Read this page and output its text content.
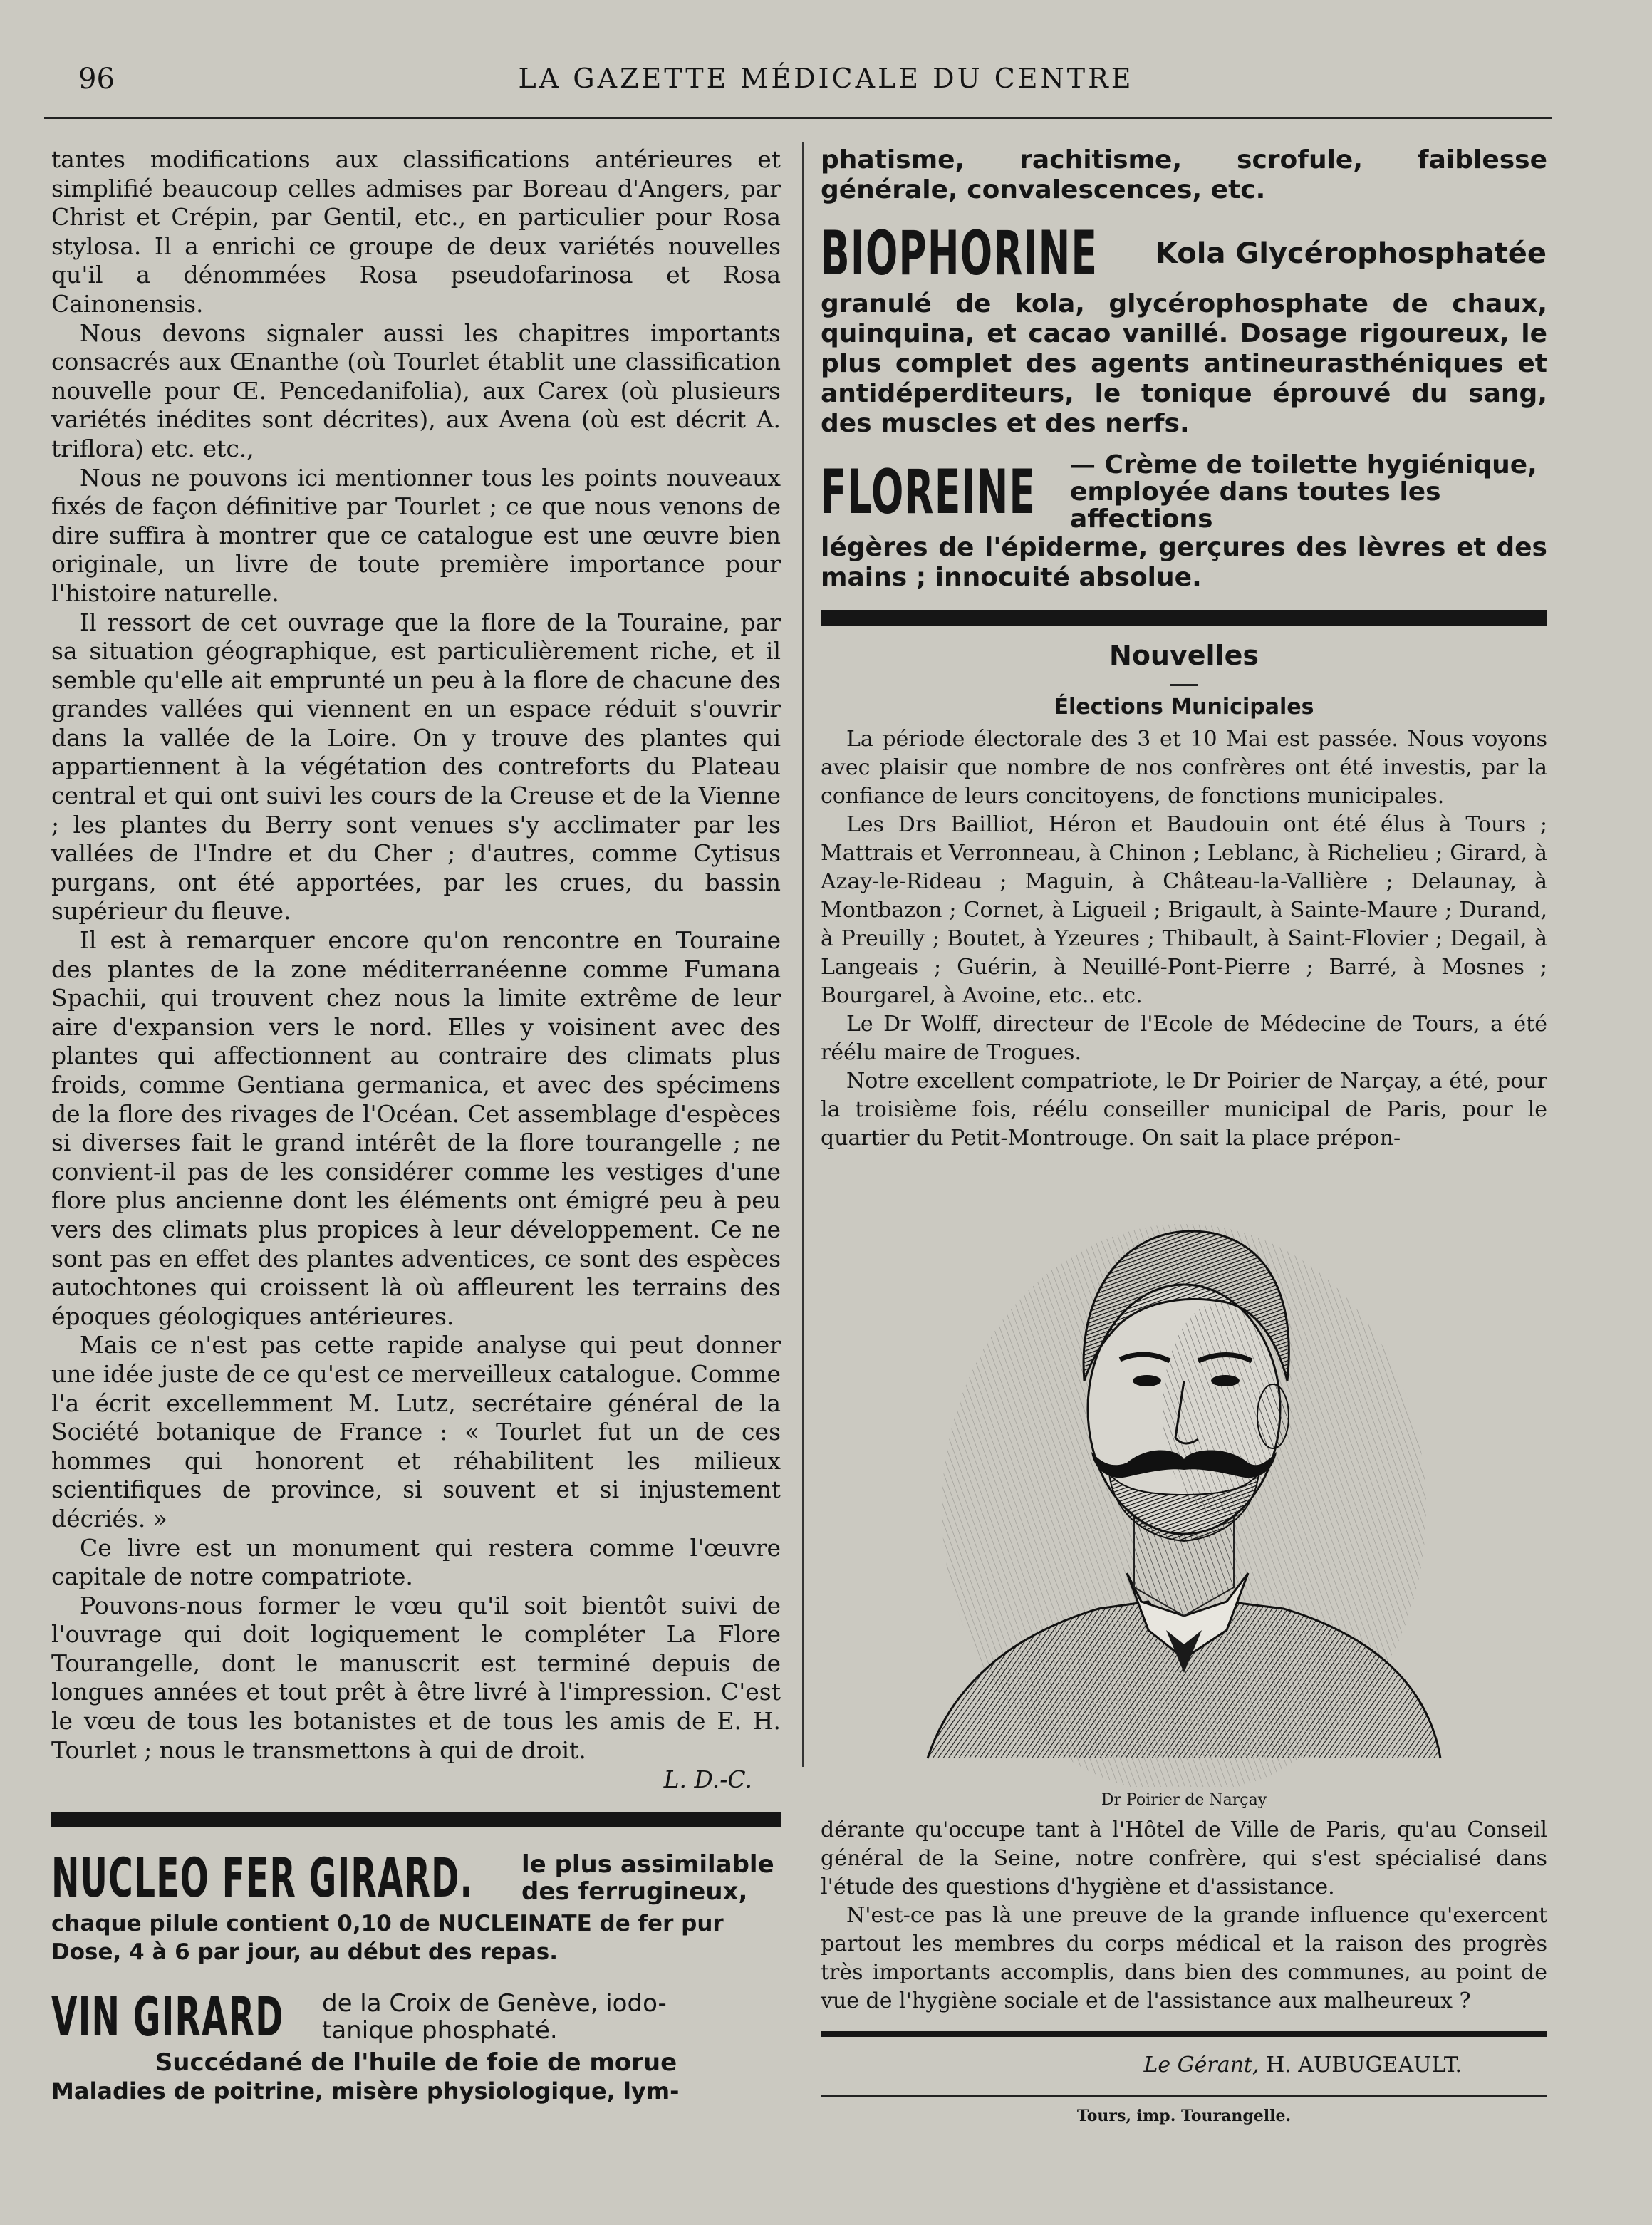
96	LA GAZETTE MÉDICALE DU CENTRE

tantes modifications aux classifications antérieures et simplifié beaucoup celles admises par Boreau d'Angers, par Christ et Crépin, par Gentil, etc., en particulier pour Rosa stylosa. Il a enrichi ce groupe de deux variétés nouvelles qu'il a dénommées Rosa pseudofarinosa et Rosa Cainonensis.

Nous devons signaler aussi les chapitres importants consacrés aux Œnanthe (où Tourlet établit une classification nouvelle pour Œ. Pencedanifolia), aux Carex (où plusieurs variétés inédites sont décrites), aux Avena (où est décrit A. triflora) etc. etc.,

Nous ne pouvons ici mentionner tous les points nouveaux fixés de façon définitive par Tourlet ; ce que nous venons de dire suffira à montrer que ce catalogue est une œuvre bien originale, un livre de toute première importance pour l'histoire naturelle.

Il ressort de cet ouvrage que la flore de la Touraine, par sa situation géographique, est particulièrement riche, et il semble qu'elle ait emprunté un peu à la flore de chacune des grandes vallées qui viennent en un espace réduit s'ouvrir dans la vallée de la Loire. On y trouve des plantes qui appartiennent à la végétation des contreforts du Plateau central et qui ont suivi les cours de la Creuse et de la Vienne ; les plantes du Berry sont venues s'y acclimater par les vallées de l'Indre et du Cher ; d'autres, comme Cytisus purgans, ont été apportées, par les crues, du bassin supérieur du fleuve.

Il est à remarquer encore qu'on rencontre en Touraine des plantes de la zone méditerranéenne comme Fumana Spachii, qui trouvent chez nous la limite extrême de leur aire d'expansion vers le nord. Elles y voisinent avec des plantes qui affectionnent au contraire des climats plus froids, comme Gentiana germanica, et avec des spécimens de la flore des rivages de l'Océan. Cet assemblage d'espèces si diverses fait le grand intérêt de la flore tourangelle ; ne convient-il pas de les considérer comme les vestiges d'une flore plus ancienne dont les éléments ont émigré peu à peu vers des climats plus propices à leur développement. Ce ne sont pas en effet des plantes adventices, ce sont des espèces autochtones qui croissent là où affleurent les terrains des époques géologiques antérieures.

Mais ce n'est pas cette rapide analyse qui peut donner une idée juste de ce qu'est ce merveilleux catalogue. Comme l'a écrit excellemment M. Lutz, secrétaire général de la Société botanique de France : « Tourlet fut un de ces hommes qui honorent et réhabilitent les milieux scientifiques de province, si souvent et si injustement décriés. »

Ce livre est un monument qui restera comme l'œuvre capitale de notre compatriote.

Pouvons-nous former le vœu qu'il soit bientôt suivi de l'ouvrage qui doit logiquement le compléter La Flore Tourangelle, dont le manuscrit est terminé depuis de longues années et tout prêt à être livré à l'impression. C'est le vœu de tous les botanistes et de tous les amis de E. H. Tourlet ; nous le transmettons à qui de droit.

L. D.-C.
NUCLEO FER GIRARD. le plus assimilable
des ferrugineux,
chaque pilule contient 0,10 de NUCLEINATE de fer pur
Dose, 4 à 6 par jour, au début des repas.
VIN GIRARD de la Croix de Genève, iodo-
tanique phosphaté.
Succédané de l'huile de foie de morue
Maladies de poitrine, misère physiologique, lym-

phatisme, rachitisme, scrofule, faiblesse générale, convalescences, etc.

BIOPHORINE Kola Glycérophosphatée

granulé de kola, glycérophosphate de chaux, quinquina, et cacao vanillé. Dosage rigoureux, le plus complet des agents antineurasthéniques et antidéperditeurs, le tonique éprouvé du sang, des muscles et des nerfs.

FLOREINE — Crème de toilette hygiénique,
employée dans toutes les affections

légères de l'épiderme, gerçures des lèvres et des mains ; innocuité absolue.

Nouvelles
Élections Municipales

La période électorale des 3 et 10 Mai est passée. Nous voyons avec plaisir que nombre de nos confrères ont été investis, par la confiance de leurs concitoyens, de fonctions municipales.

Les Drs Bailliot, Héron et Baudouin ont été élus à Tours ; Mattrais et Verronneau, à Chinon ; Leblanc, à Richelieu ; Girard, à Azay-le-Rideau ; Maguin, à Château-la-Vallière ; Delaunay, à Montbazon ; Cornet, à Ligueil ; Brigault, à Sainte-Maure ; Durand, à Preuilly ; Boutet, à Yzeures ; Thibault, à Saint-Flovier ; Degail, à Langeais ; Guérin, à Neuillé-Pont-Pierre ; Barré, à Mosnes ; Bourgarel, à Avoine, etc.. etc.

Le Dr Wolff, directeur de l'Ecole de Médecine de Tours, a été réélu maire de Trogues.

Notre excellent compatriote, le Dr Poirier de Narçay, a été, pour la troisième fois, réélu conseiller municipal de Paris, pour le quartier du Petit-Montrouge. On sait la place prépon-

Dr Poirier de Narçay

dérante qu'occupe tant à l'Hôtel de Ville de Paris, qu'au Conseil général de la Seine, notre confrère, qui s'est spécialisé dans l'étude des questions d'hygiène et d'assistance.

N'est-ce pas là une preuve de la grande influence qu'exercent partout les membres du corps médical et la raison des progrès très importants accomplis, dans bien des communes, au point de vue de l'hygiène sociale et de l'assistance aux malheureux ?

Le Gérant, H. AUBUGEAULT.
Tours, imp. Tourangelle.
